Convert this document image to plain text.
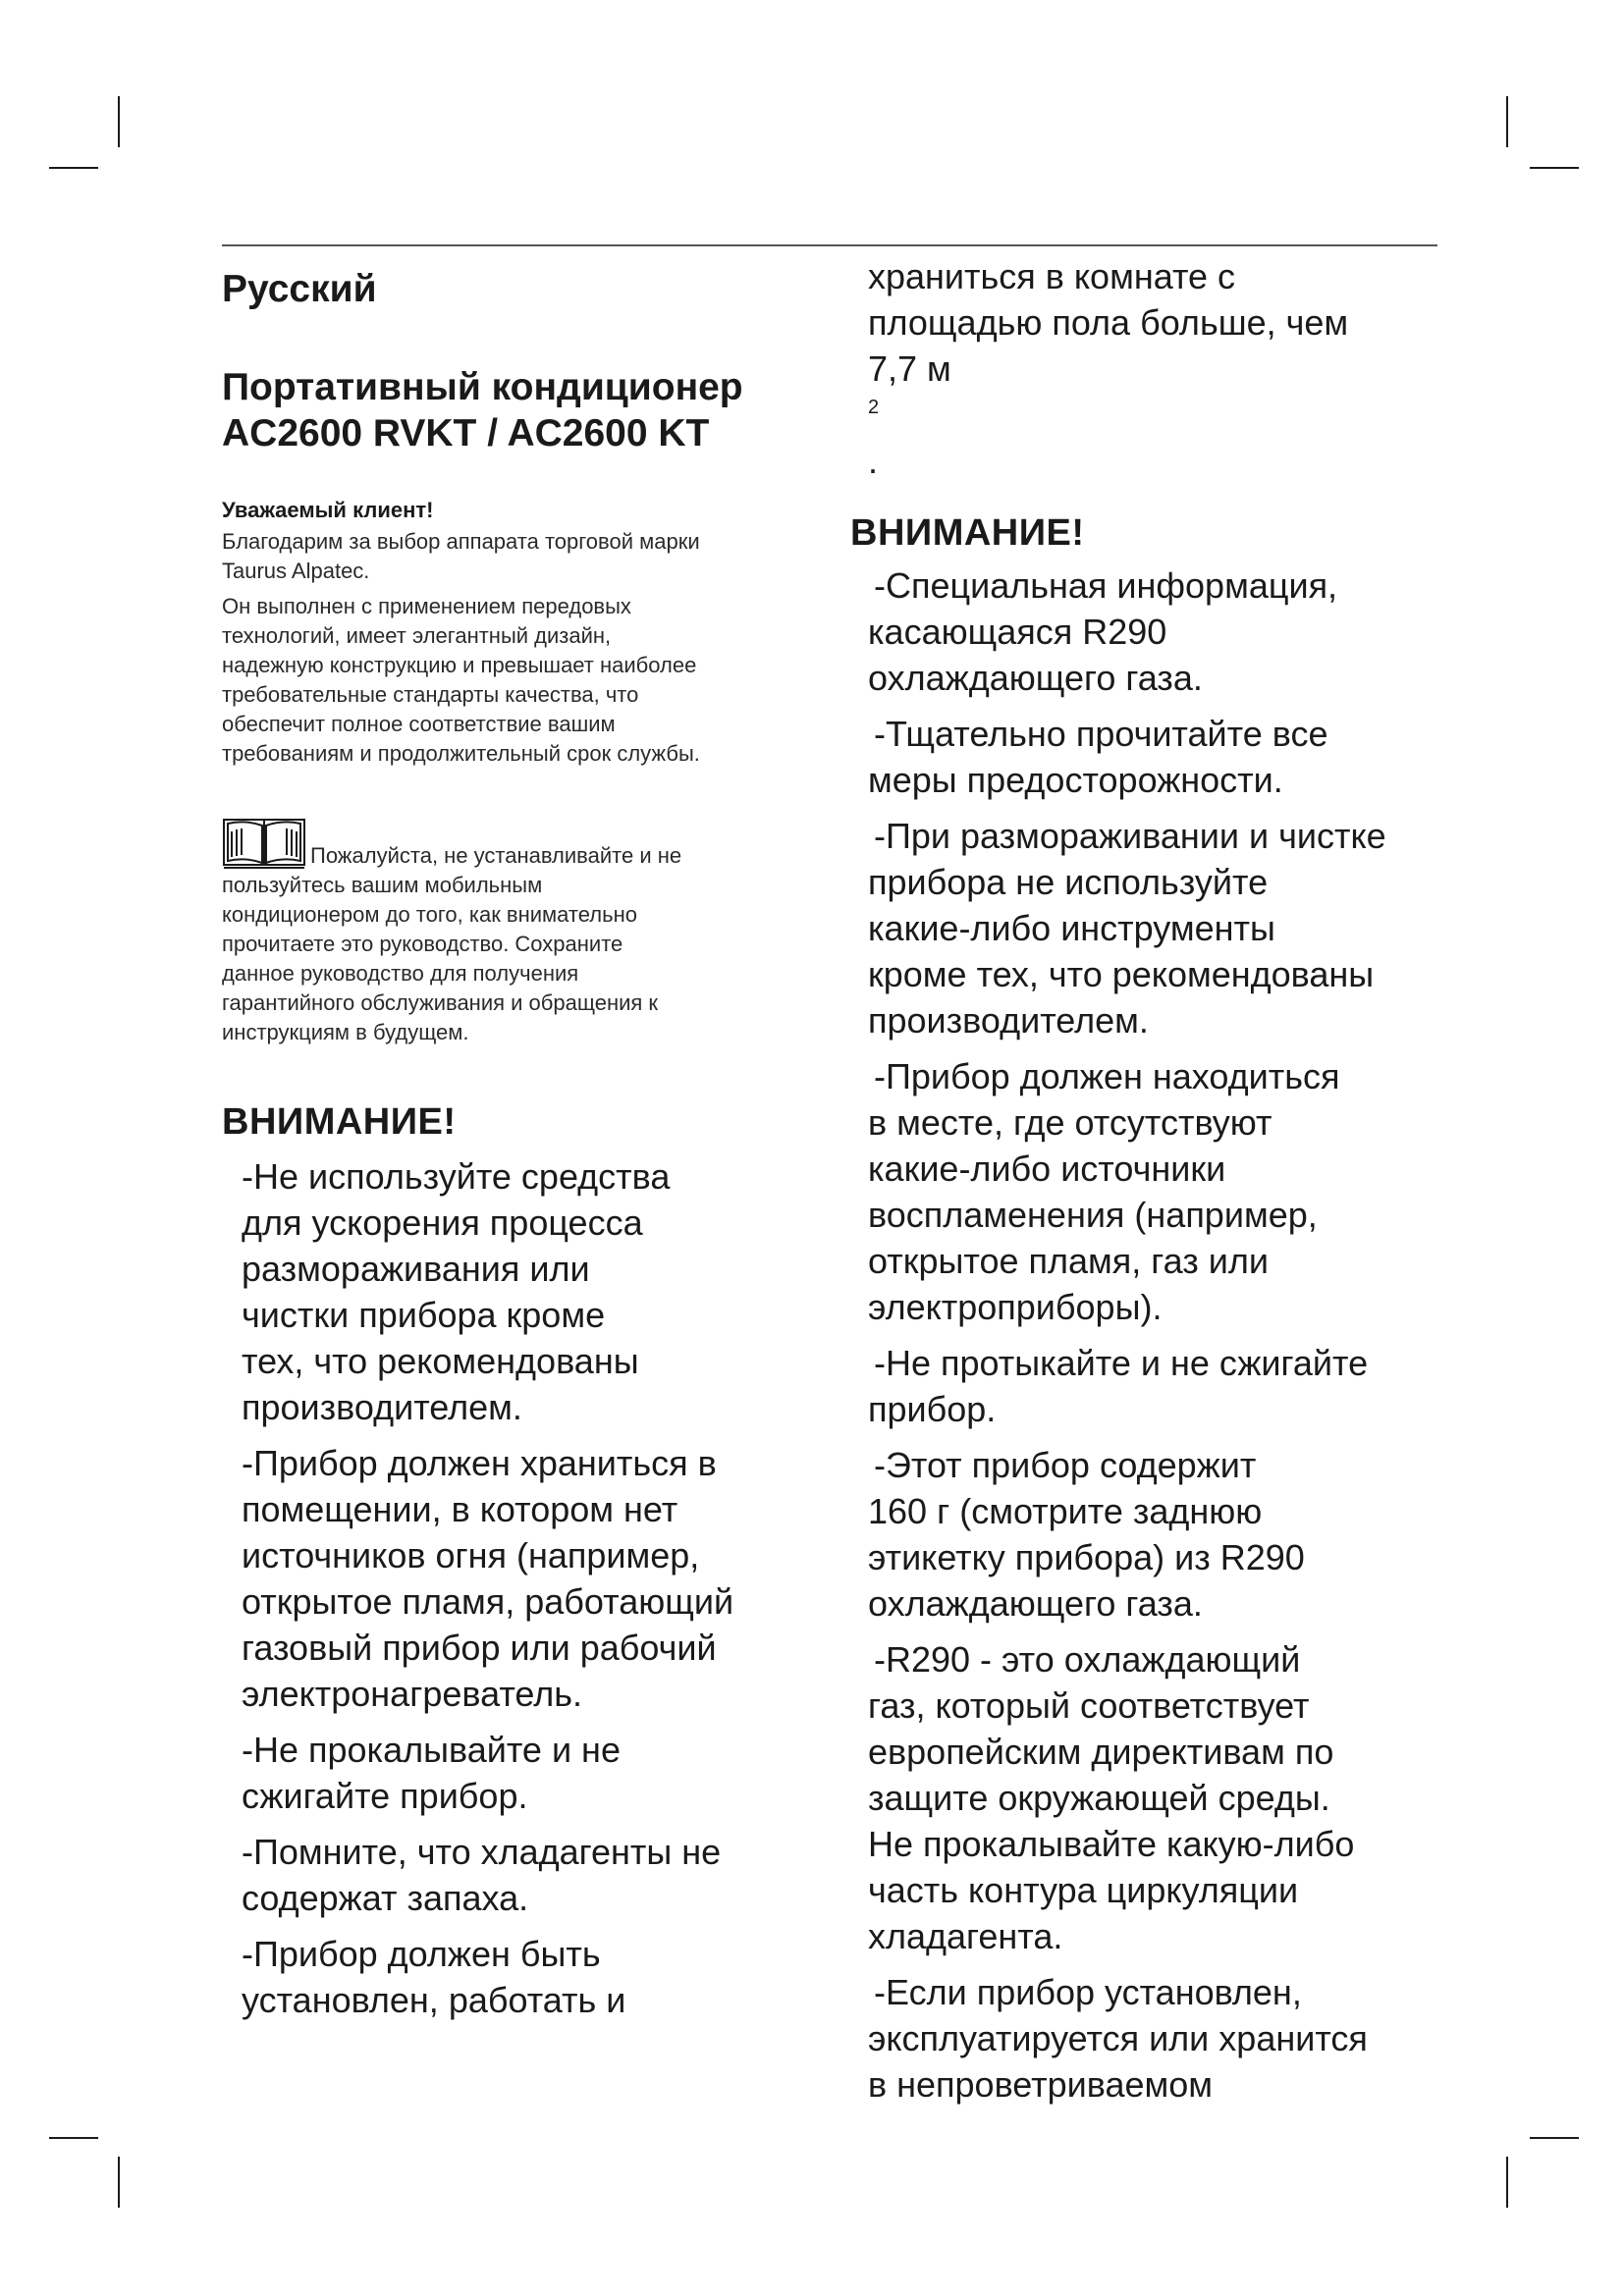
Русский

Портативный кондиционер
AC2600 RVKT / AC2600 KT

Уважаемый клиент!

Благодарим за выбор аппарата торговой марки
Taurus Alpatec.

Он выполнен с применением передовых
технологий, имеет элегантный дизайн,
надежную конструкцию и превышает наиболее
требовательные стандарты качества, что
обеспечит полное соответствие вашим
требованиям и продолжительный срок службы.

Пожалуйста, не устанавливайте и не
пользуйтесь вашим мобильным
кондиционером до того, как внимательно
прочитаете это руководство. Сохраните
данное руководство для получения
гарантийного обслуживания и обращения к
инструкциям в будущем.
ВНИМАНИЕ!

-Не используйте средства
для ускорения процесса
размораживания или
чистки прибора кроме
тех, что рекомендованы
производителем.

-Прибор должен храниться в
помещении, в котором нет
источников огня (например,
открытое пламя, работающий
газовый прибор или рабочий
электронагреватель.

-Не прокалывайте и не
сжигайте прибор.

-Помните, что хладагенты не
содержат запаха.

-Прибор должен быть
установлен, работать и

храниться в комнате с
площадью пола больше, чем
7,7 м
$^2$
.

ВНИМАНИЕ!

-Специальная информация,
касающаяся R290
охлаждающего газа.

-Тщательно прочитайте все
меры предосторожности.

-При размораживании и чистке
прибора не используйте
какие-либо инструменты
кроме тех, что рекомендованы
производителем.

-Прибор должен находиться
в месте, где отсутствуют
какие-либо источники
воспламенения (например,
открытое пламя, газ или
электроприборы).

-Не протыкайте и не сжигайте
прибор.

-Этот прибор содержит
160 г (смотрите заднюю
этикетку прибора) из R290
охлаждающего газа.

-R290 - это охлаждающий
газ, который соответствует
европейским директивам по
защите окружающей среды.
Не прокалывайте какую-либо
часть контура циркуляции
хладагента.

-Если прибор установлен,
эксплуатируется или хранится
в непроветриваемом
